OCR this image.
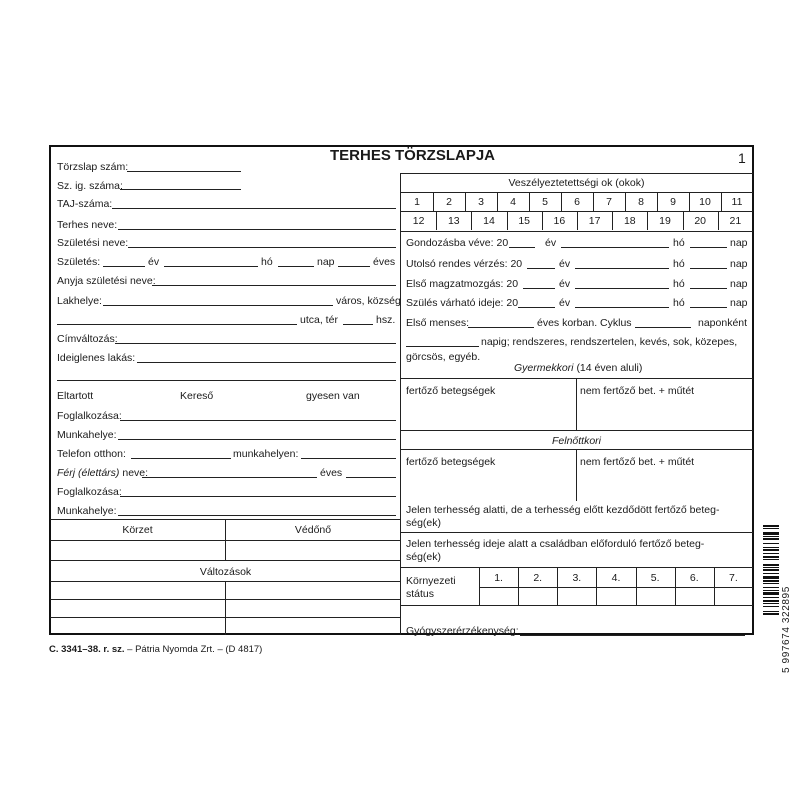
TERHES TÖRZSLAPJA	1
Törzslap szám:
Sz. ig. száma:
TAJ-száma:
Terhes neve:
Születési neve:
Születés:	év	hó	nap	éves
Anyja születési neve:
Lakhelye:	város, község
utca, tér	hsz.
Címváltozás:
Ideiglenes lakás:
Eltartott	Kereső	gyesen van
Foglalkozása:
Munkahelye:
Telefon otthon:	munkahelyen:
Férj (élettárs) neve:	éves
Foglalkozása:
Munkahelye:
Körzet	Védőnő
Változások
Veszélyeztetettségi ok (okok)
1	2	3	4	5	6	7	8	9	10	11
12	13	14	15	16	17	18	19	20	21
Gondozásba véve: 20	év	hó	nap
Utolsó rendes vérzés: 20	év	hó	nap
Első magzatmozgás: 20	év	hó	nap
Szülés várható ideje: 20	év	hó	nap
Első menses:	éves korban. Cyklus	naponként
napig; rendszeres, rendszertelen, kevés, sok, közepes,
görcsös, egyéb.
Gyermekkori (14 éven aluli)
fertőző betegségek	nem fertőző bet. + műtét
Felnőttkori
fertőző betegségek	nem fertőző bet. + műtét
Jelen terhesség alatti, de a terhesség előtt kezdődött fertőző beteg-
ség(ek)
Jelen terhesség ideje alatt a családban előforduló fertőző beteg-
ség(ek)
Környezeti
státus
1.	2.	3.	4.	5.	6.	7.
Gyógyszerérzékenység:
C. 3341–38. r. sz. – Pátria Nyomda Zrt. – (D 4817)	5 997674 322895
